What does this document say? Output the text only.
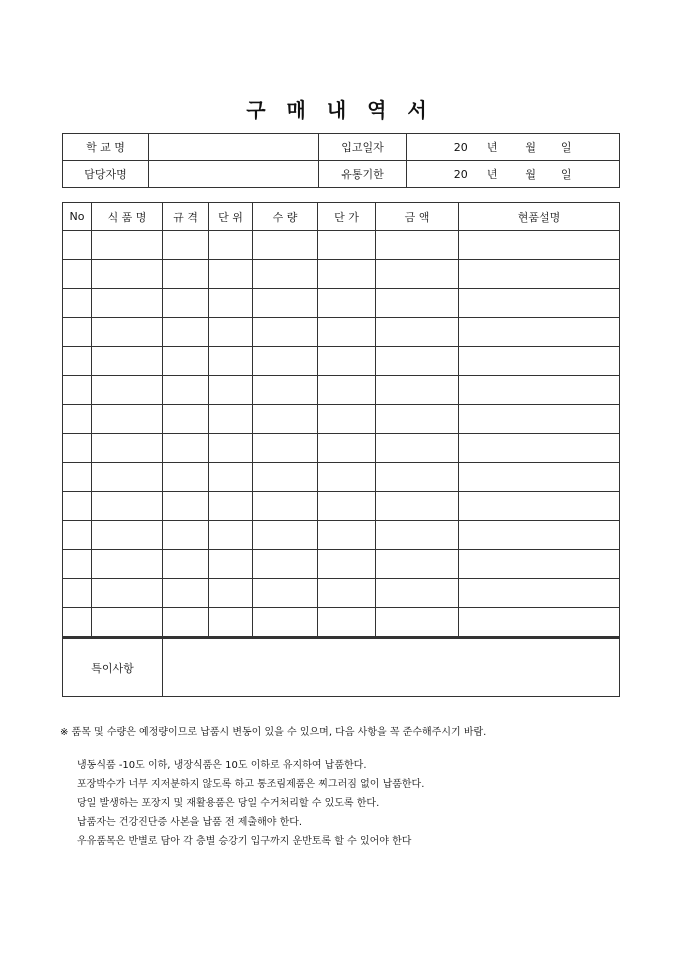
구 매 내 역 서
학 교 명		입고일자	20 년 월 일
담당자명		유통기한	20 년 월 일
No	식 품 명	규 격	단 위	수 량	단 가	금 액	현품설명

특이사항	
※ 품목 및 수량은 예정량이므로 납품시 변동이 있을 수 있으며, 다음 사항을 꼭 준수해주시기 바람.
냉동식품 -10도 이하, 냉장식품은 10도 이하로 유지하여 납품한다.
포장박수가 너무 지저분하지 않도록 하고 통조림제품은 찌그러짐 없이 납품한다.
당일 발생하는 포장지 및 재활용품은 당일 수거처리할 수 있도록 한다.
납품자는 건강진단증 사본을 납품 전 제출해야 한다.
우유품목은 반별로 담아 각 층별 승강기 입구까지 운반토록 할 수 있어야 한다
